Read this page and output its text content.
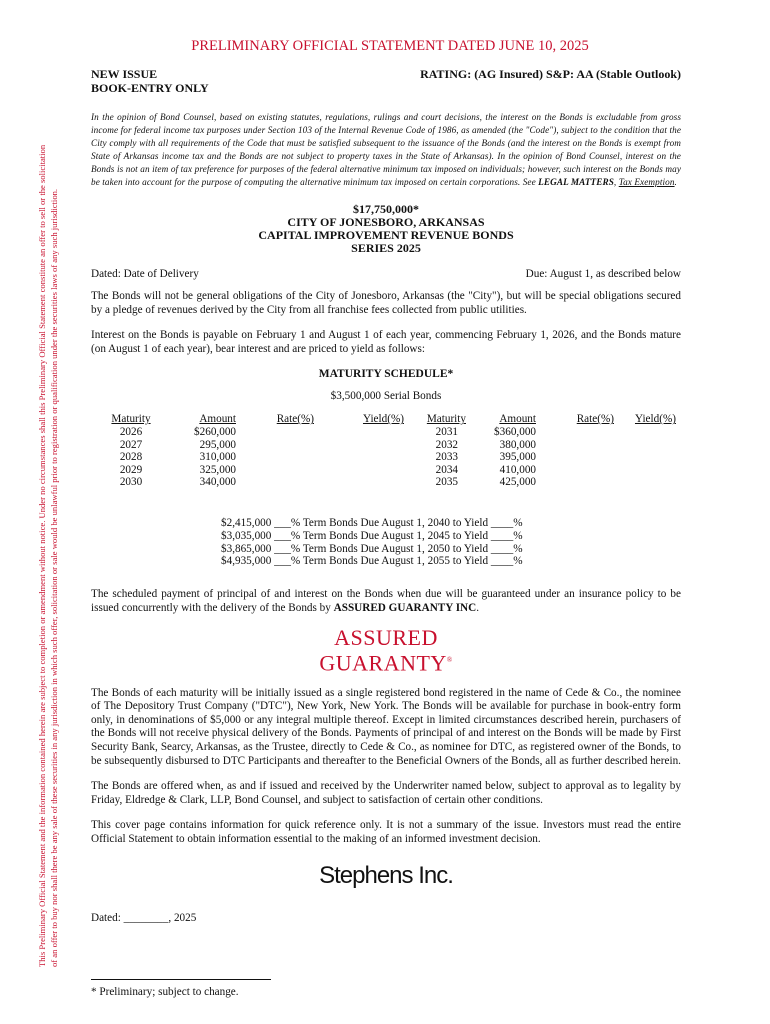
This Preliminary Official Statement and the information contained herein are subject to completion or amendment without notice. Under no circumstances shall this Preliminary Official Statement constitute an offer to sell or the solicitation of an offer to buy nor shall there be any sale of these securities in any jurisdiction in which such offer, solicitation or sale would be unlawful prior to registration or qualification under the securities laws of any such jurisdiction.
PRELIMINARY OFFICIAL STATEMENT DATED JUNE 10, 2025
NEW ISSUE
BOOK-ENTRY ONLY
RATING: (AG Insured) S&P: AA (Stable Outlook)

In the opinion of Bond Counsel, based on existing statutes, regulations, rulings and court decisions, the interest on the Bonds is excludable from gross income for federal income tax purposes under Section 103 of the Internal Revenue Code of 1986, as amended (the "Code"), subject to the condition that the City comply with all requirements of the Code that must be satisfied subsequent to the issuance of the Bonds (and the interest on the Bonds is exempt from State of Arkansas income tax and the Bonds are not subject to property taxes in the State of Arkansas). In the opinion of Bond Counsel, interest on the Bonds is not an item of tax preference for purposes of the federal alternative minimum tax imposed on individuals; however, such interest on the Bonds may be taken into account for the purpose of computing the alternative minimum tax imposed on certain corporations. See LEGAL MATTERS, Tax Exemption.

$17,750,000*
CITY OF JONESBORO, ARKANSAS
CAPITAL IMPROVEMENT REVENUE BONDS
SERIES 2025
Dated: Date of Delivery	Due: August 1, as described below

The Bonds will not be general obligations of the City of Jonesboro, Arkansas (the "City"), but will be special obligations secured by a pledge of revenues derived by the City from all franchise fees collected from public utilities.

Interest on the Bonds is payable on February 1 and August 1 of each year, commencing February 1, 2026, and the Bonds mature (on August 1 of each year), bear interest and are priced to yield as follows:

MATURITY SCHEDULE*
$3,500,000 Serial Bonds
Maturity	Amount	Rate(%)	Yield(%)	Maturity	Amount	Rate(%)	Yield(%)
2026	$260,000			2031	$360,000		
2027	295,000			2032	380,000		
2028	310,000			2033	395,000		
2029	325,000			2034	410,000		
2030	340,000			2035	425,000		
$2,415,000 ___% Term Bonds Due August 1, 2040 to Yield ____%
$3,035,000 ___% Term Bonds Due August 1, 2045 to Yield ____%
$3,865,000 ___% Term Bonds Due August 1, 2050 to Yield ____%
$4,935,000 ___% Term Bonds Due August 1, 2055 to Yield ____%

The scheduled payment of principal of and interest on the Bonds when due will be guaranteed under an insurance policy to be issued concurrently with the delivery of the Bonds by ASSURED GUARANTY INC.

ASSURED
GUARANTY®

The Bonds of each maturity will be initially issued as a single registered bond registered in the name of Cede & Co., the nominee of The Depository Trust Company ("DTC"), New York, New York. The Bonds will be available for purchase in book-entry form only, in denominations of $5,000 or any integral multiple thereof. Except in limited circumstances described herein, purchasers of the Bonds will not receive physical delivery of the Bonds. Payments of principal of and interest on the Bonds will be made by First Security Bank, Searcy, Arkansas, as the Trustee, directly to Cede & Co., as nominee for DTC, as registered owner of the Bonds, to be subsequently disbursed to DTC Participants and thereafter to the Beneficial Owners of the Bonds, all as further described herein.

The Bonds are offered when, as and if issued and received by the Underwriter named below, subject to approval as to legality by Friday, Eldredge & Clark, LLP, Bond Counsel, and subject to satisfaction of certain other conditions.

This cover page contains information for quick reference only. It is not a summary of the issue. Investors must read the entire Official Statement to obtain information essential to the making of an informed investment decision.

Stephens Inc.
Dated: ________, 2025
* Preliminary; subject to change.
